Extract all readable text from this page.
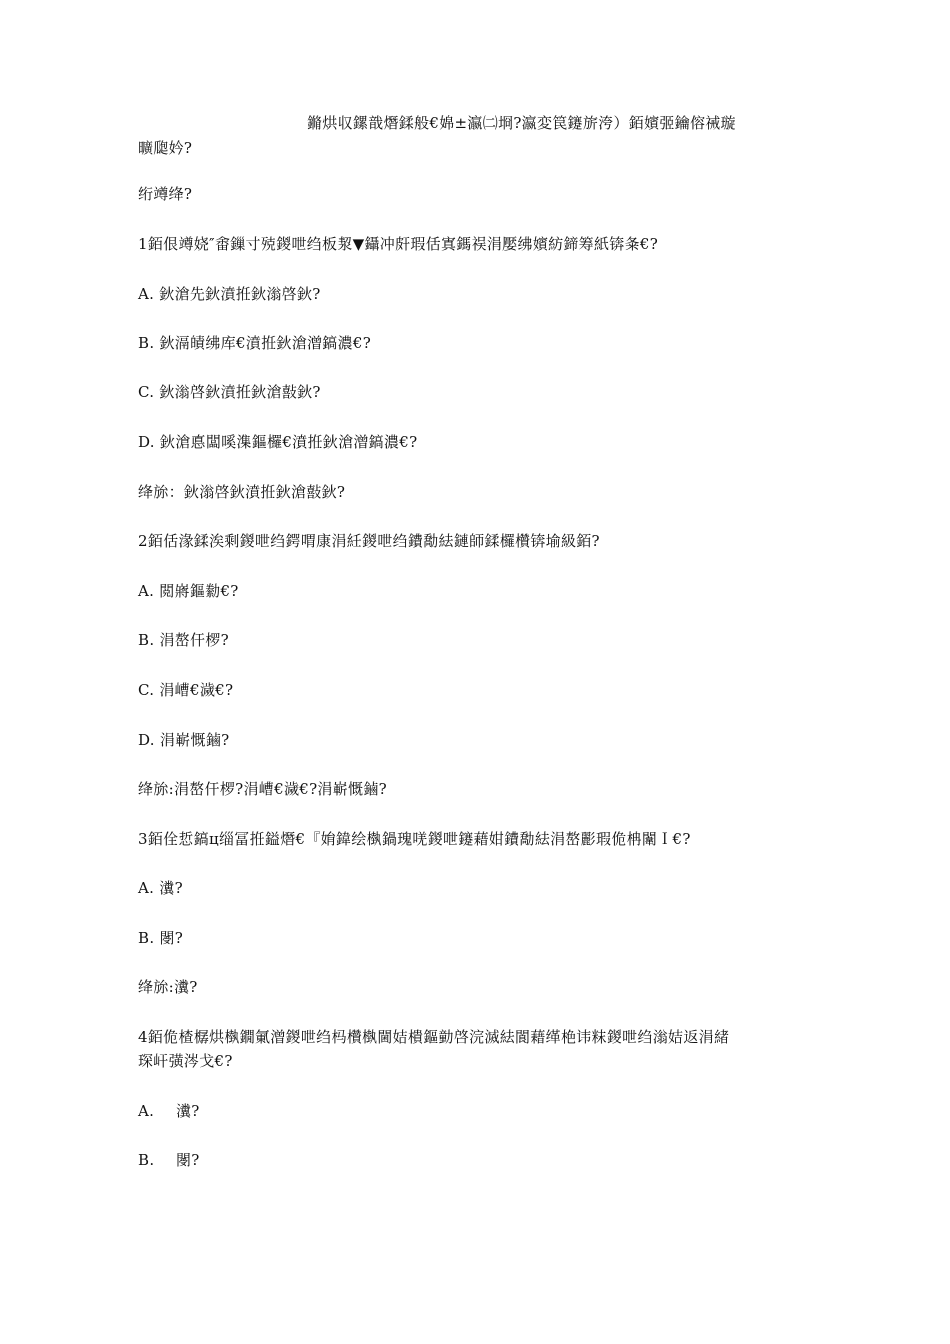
鏅烘収鏍戠熸鍒般€婂±瀛㈡埛?瀛変笢鑳旂洿）銆嬪弬鑰傛祴璇
曠瓟妗?
绗竴绛?
1銆佷竴娆″畬鏁寸殑鍐呭绉板洯▼鑷冲皯瑕佸寘鎷祦涓嬮绋嬪紡鍗筹紙锛夈€?
A. 鈥滄先鈥濆拰鈥滃啓鈥?
B. 鈥滆皟绋库€濆拰鈥滄潧鎬濃€?
C. 鈥滃啓鈥濆拰鈥滄敼鈥?
D. 鈥滄悳闆嗘潗鏂欏€濆拰鈥滄潧鎬濃€?
绛旀：鈥滃啓鈥濆拰鈥滄敼鈥?
2銆佸湪鍒涘剩鍐呭绉鍔喟康涓紝鍐呭绉鐨勪紶鏈師鍒欏欑锛堬級銆?
A. 閲嶈鏂勬€?
B. 涓嶅仠椤?
C. 涓嶆€濊€?
D. 涓嶄慨鏀?
绛旀:涓嶅仠椤?涓嶆€濊€?涓嶄慨鏀?
3銆佺悊鎬ц缁冨拰鎰熸€『姢鍏绘槸鍋瑰唴鍐呭鑳藉姏鐨勪紶涓嶅彲瑕佹柟闈Ｉ€?
A. 瀵?
B. 閿?
绛旀:瀵?
4銆佹楂樼烘槸鐗氭潧鍐呭绉杩欑槸閫姞樻鏂勭啓浣滅紶閬藉缂栬讳粖鍐呭绉滃姞返涓緒
琛屽彉涔戈€?
A. 瀵?
B. 閿?
